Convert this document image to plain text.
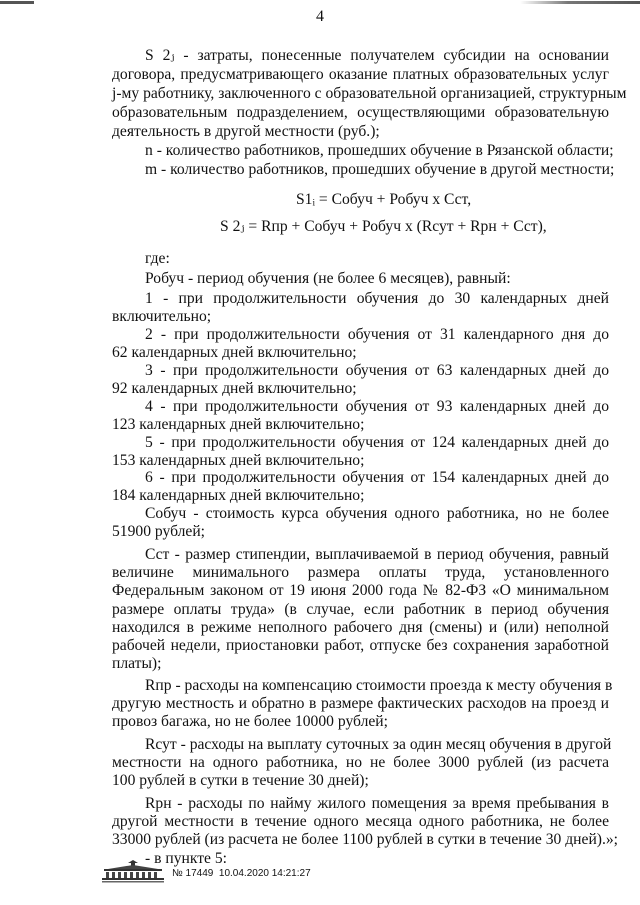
4
S 2ⱼ - затраты, понесенные получателем субсидии на основании
договора, предусматривающего оказание платных образовательных услуг
j-му работнику, заключенного с образовательной организацией, структурным
образовательным подразделением, осуществляющими образовательную
деятельность в другой местности (руб.);
n - количество работников, прошедших обучение в Рязанской области;
m - количество работников, прошедших обучение в другой местности;
S1ᵢ = Собуч + Робуч х Сст,
S 2ⱼ = Rпр + Собуч + Робуч х (Rсут + Rрн + Сст),
где:
Робуч - период обучения (не более 6 месяцев), равный:
1 - при продолжительности обучения до 30 календарных дней
включительно;
2 - при продолжительности обучения от 31 календарного дня до
62 календарных дней включительно;
3 - при продолжительности обучения от 63 календарных дней до
92 календарных дней включительно;
4 - при продолжительности обучения от 93 календарных дней до
123 календарных дней включительно;
5 - при продолжительности обучения от 124 календарных дней до
153 календарных дней включительно;
6 - при продолжительности обучения от 154 календарных дней до
184 календарных дней включительно;
Собуч - стоимость курса обучения одного работника, но не более
51900 рублей;
Сст - размер стипендии, выплачиваемой в период обучения, равный
величине минимального размера оплаты труда, установленного
Федеральным законом от 19 июня 2000 года № 82-ФЗ «О минимальном
размере оплаты труда» (в случае, если работник в период обучения
находился в режиме неполного рабочего дня (смены) и (или) неполной
рабочей недели, приостановки работ, отпуске без сохранения заработной
платы);
Rпр - расходы на компенсацию стоимости проезда к месту обучения в
другую местность и обратно в размере фактических расходов на проезд и
провоз багажа, но не более 10000 рублей;
Rсут - расходы на выплату суточных за один месяц обучения в другой
местности на одного работника, но не более 3000 рублей (из расчета
100 рублей в сутки в течение 30 дней);
Rрн - расходы по найму жилого помещения за время пребывания в
другой местности в течение одного месяца одного работника, не более
33000 рублей (из расчета не более 1100 рублей в сутки в течение 30 дней).»;
- в пункте 5:
№ 17449 10.04.2020 14:21:27
